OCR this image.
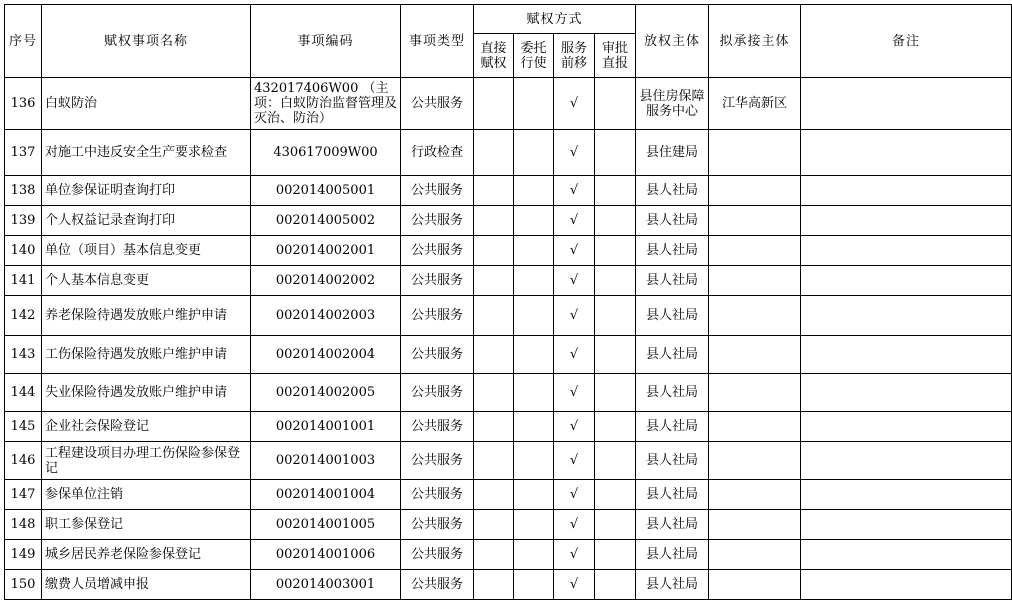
序号	赋权事项名称	事项编码	事项类型	赋权方式				放权主体	拟承接主体	备注
				直接赋权	委托行使	服务前移	审批直报			
136	白蚁防治	432017406W00 （主项：白蚁防治监督管理及灭治、防治）	公共服务			√		县住房保障服务中心	江华高新区	
137	对施工中违反安全生产要求检查	430617009W00	行政检查			√		县住建局		
138	单位参保证明查询打印	002014005001	公共服务			√		县人社局		
139	个人权益记录查询打印	002014005002	公共服务			√		县人社局		
140	单位（项目）基本信息变更	002014002001	公共服务			√		县人社局		
141	个人基本信息变更	002014002002	公共服务			√		县人社局		
142	养老保险待遇发放账户维护申请	002014002003	公共服务			√		县人社局		
143	工伤保险待遇发放账户维护申请	002014002004	公共服务			√		县人社局		
144	失业保险待遇发放账户维护申请	002014002005	公共服务			√		县人社局		
145	企业社会保险登记	002014001001	公共服务			√		县人社局		
146	工程建设项目办理工伤保险参保登记	002014001003	公共服务			√		县人社局		
147	参保单位注销	002014001004	公共服务			√		县人社局		
148	职工参保登记	002014001005	公共服务			√		县人社局		
149	城乡居民养老保险参保登记	002014001006	公共服务			√		县人社局		
150	缴费人员增减申报	002014003001	公共服务			√		县人社局		
